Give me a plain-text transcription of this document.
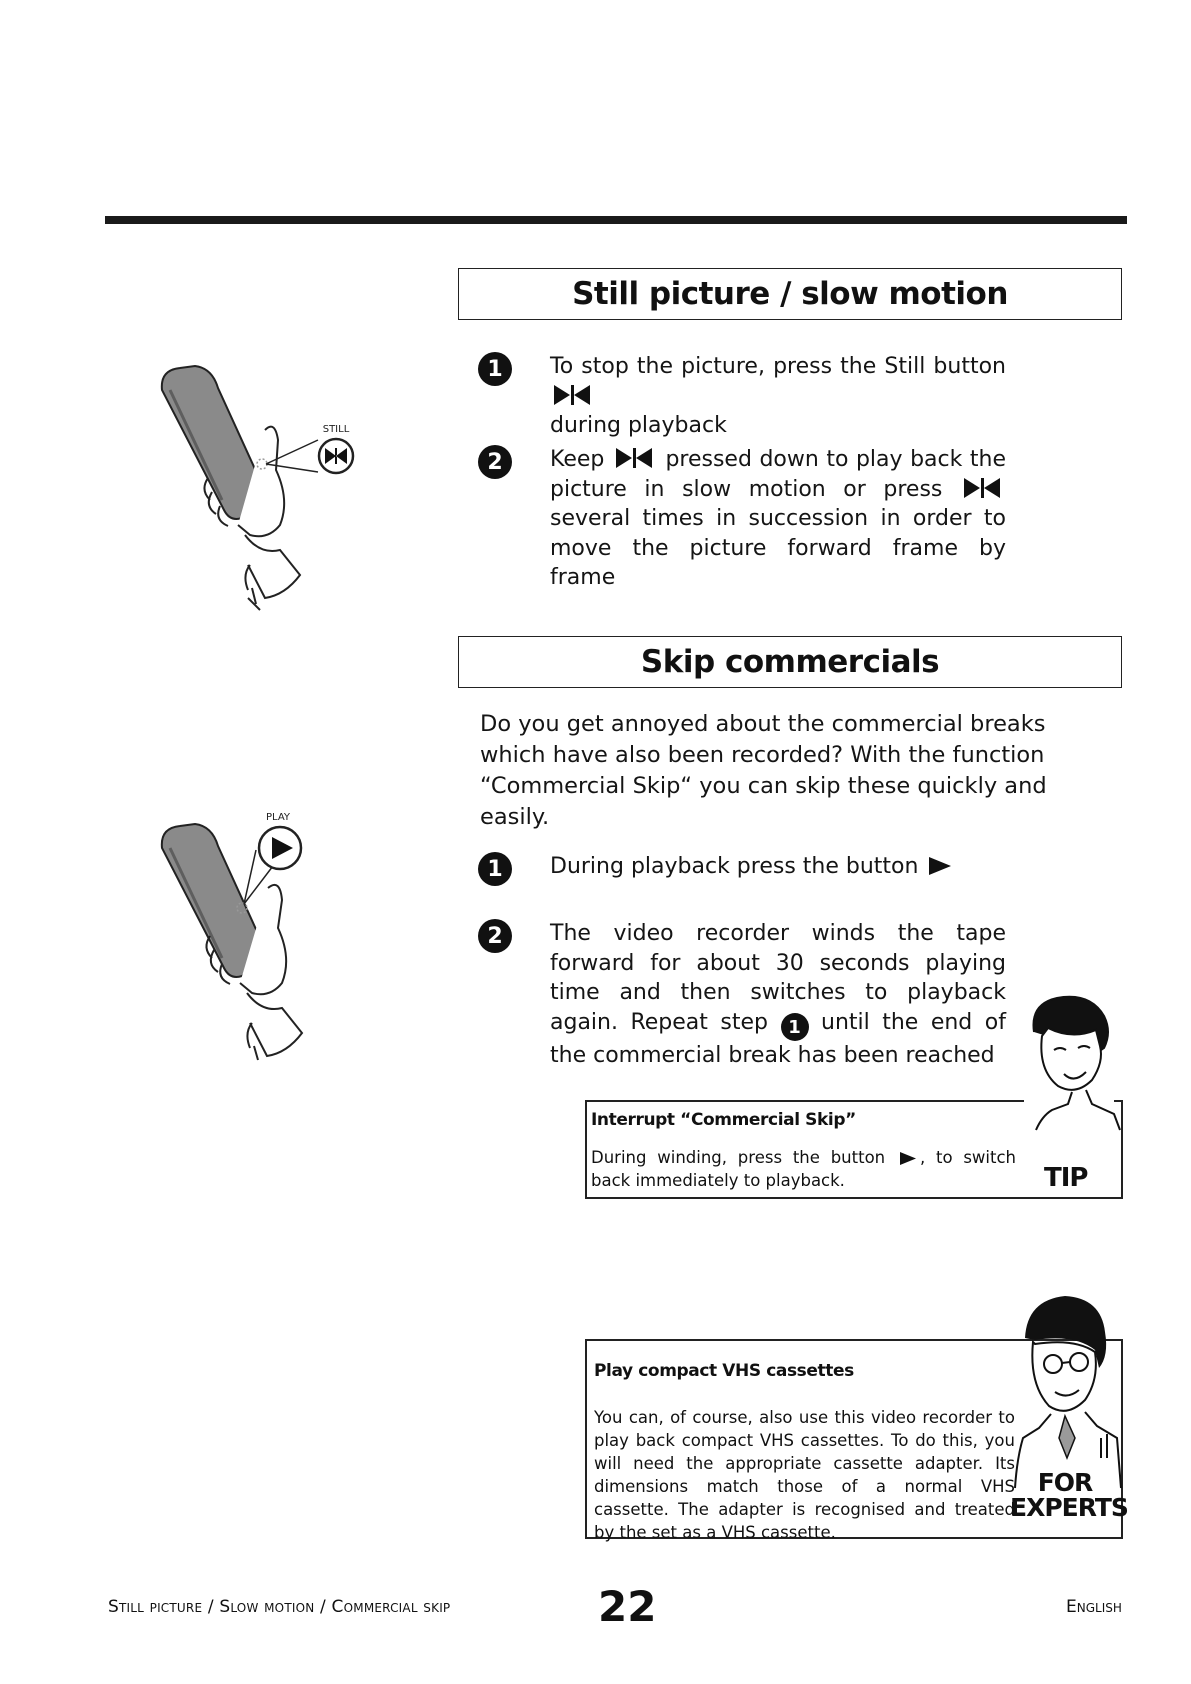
Still picture / slow motion
STILL
1	To stop the picture, press the Still button
during playback
2	Keep	pressed down to play back the picture in slow motion or press  several times in succession in order to move the picture forward frame by frame
Skip commercials
Do you get annoyed about the commercial breaks which have also been recorded? With the function “Commercial Skip“ you can skip these quickly and easily.
PLAY
1	During playback press the button
2	The video recorder winds the tape forward for about 30 seconds playing time and then switches to playback again. Repeat step 1 until the end of the commercial break has been reached
Interrupt “Commercial Skip”
During winding, press the button , to switch back immediately to playback.	TIP
Play compact VHS cassettes
You can, of course, also use this video recorder to play back compact VHS cassettes. To do this, you will need the appropriate cassette adapter. Its dimensions match those of a normal VHS cassette. The adapter is recognised and treated by the set as a VHS cassette.
FOR
EXPERTS
Still picture / Slow motion / Commercial skip	22	English
